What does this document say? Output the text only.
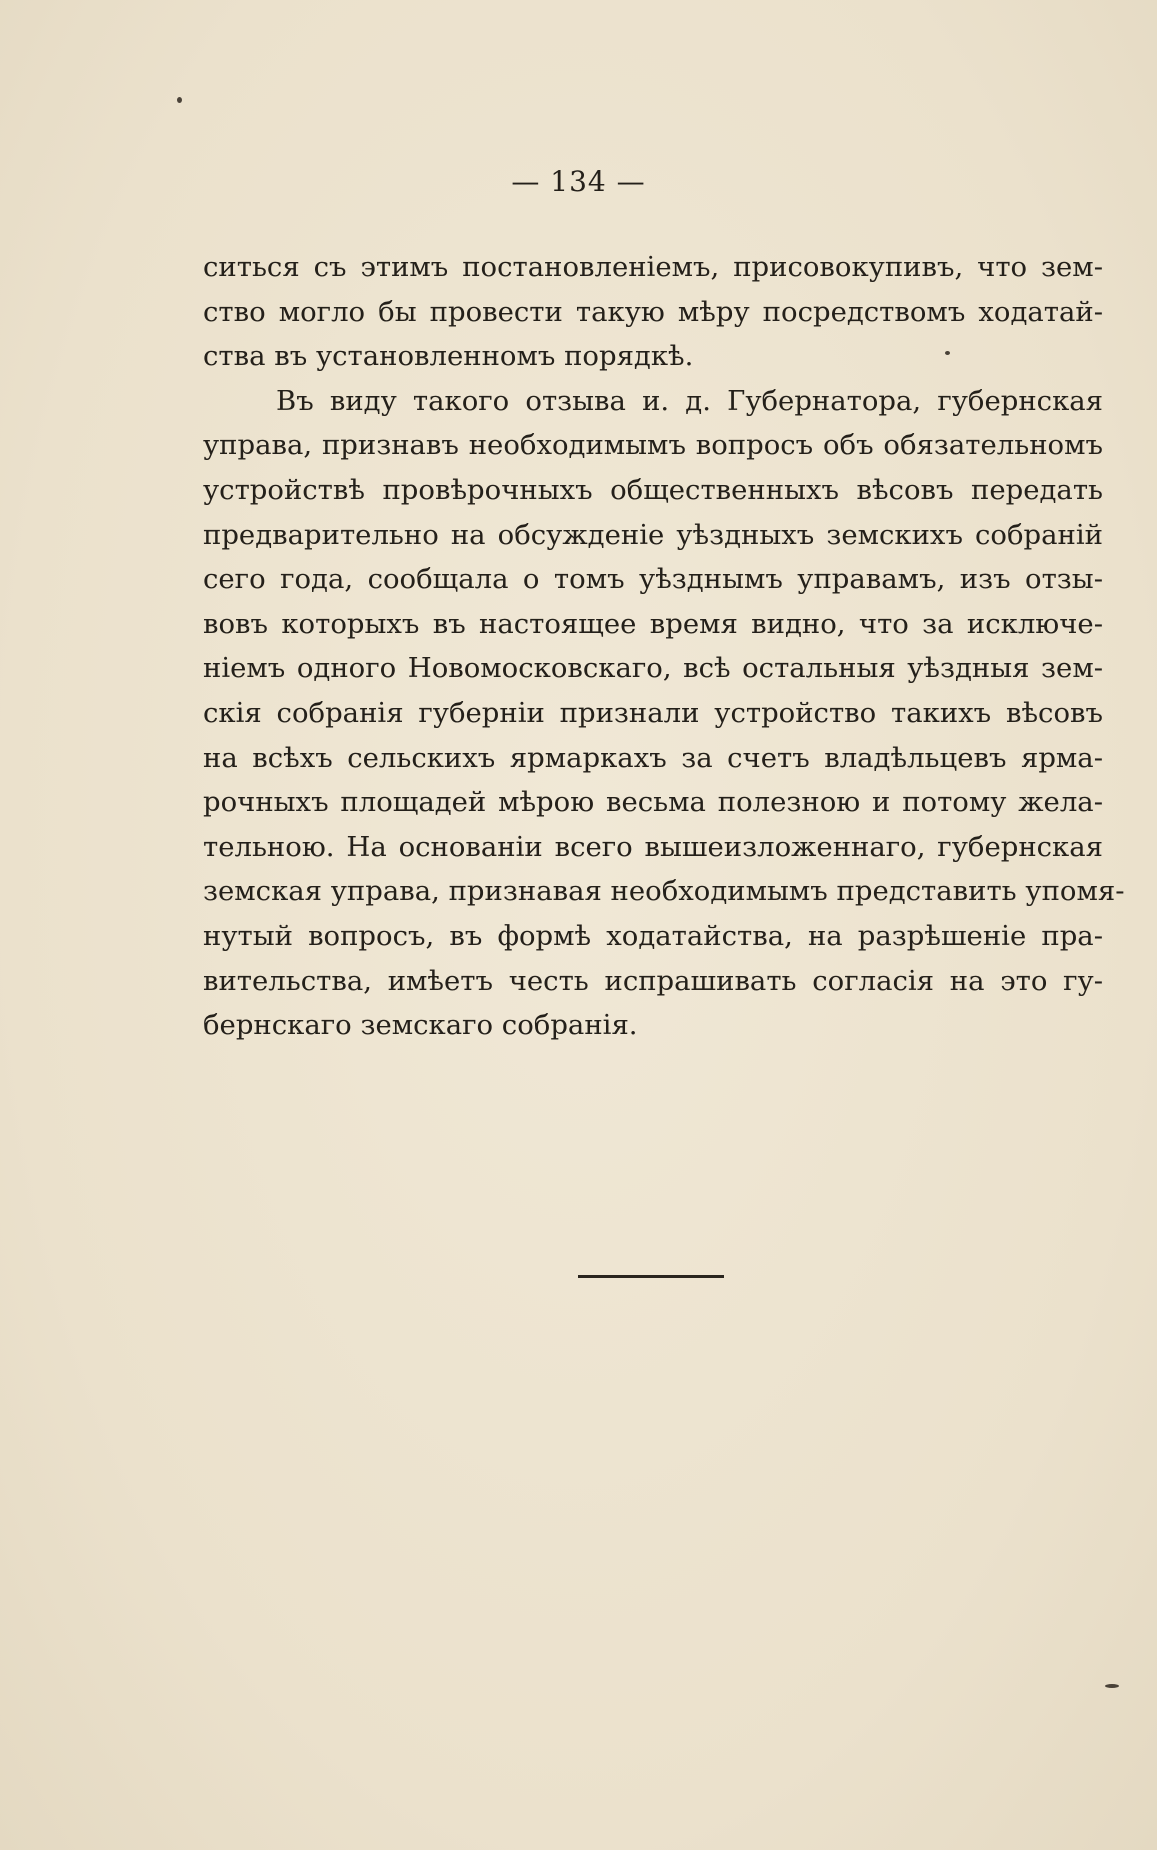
— 134 —
ситься съ этимъ постановленіемъ, присовокупивъ, что зем-
ство могло бы провести такую мѣру посредствомъ ходатай-
ства въ установленномъ порядкѣ.
Въ виду такого отзыва и. д. Губернатора, губернская
управа, признавъ необходимымъ вопросъ объ обязательномъ
устройствѣ провѣрочныхъ общественныхъ вѣсовъ передать
предварительно на обсужденіе уѣздныхъ земскихъ собраній
сего года, сообщала о томъ уѣзднымъ управамъ, изъ отзы-
вовъ которыхъ въ настоящее время видно, что за исключе-
ніемъ одного Новомосковскаго, всѣ остальныя уѣздныя зем-
скія собранія губерніи признали устройство такихъ вѣсовъ
на всѣхъ сельскихъ ярмаркахъ за счетъ владѣльцевъ ярма-
рочныхъ площадей мѣрою весьма полезною и потому жела-
тельною. На основаніи всего вышеизложеннаго, губернская
земская управа, признавая необходимымъ представить упомя-
нутый вопросъ, въ формѣ ходатайства, на разрѣшеніе пра-
вительства, имѣетъ честь испрашивать согласія на это гу-
бернскаго земскаго собранія.
